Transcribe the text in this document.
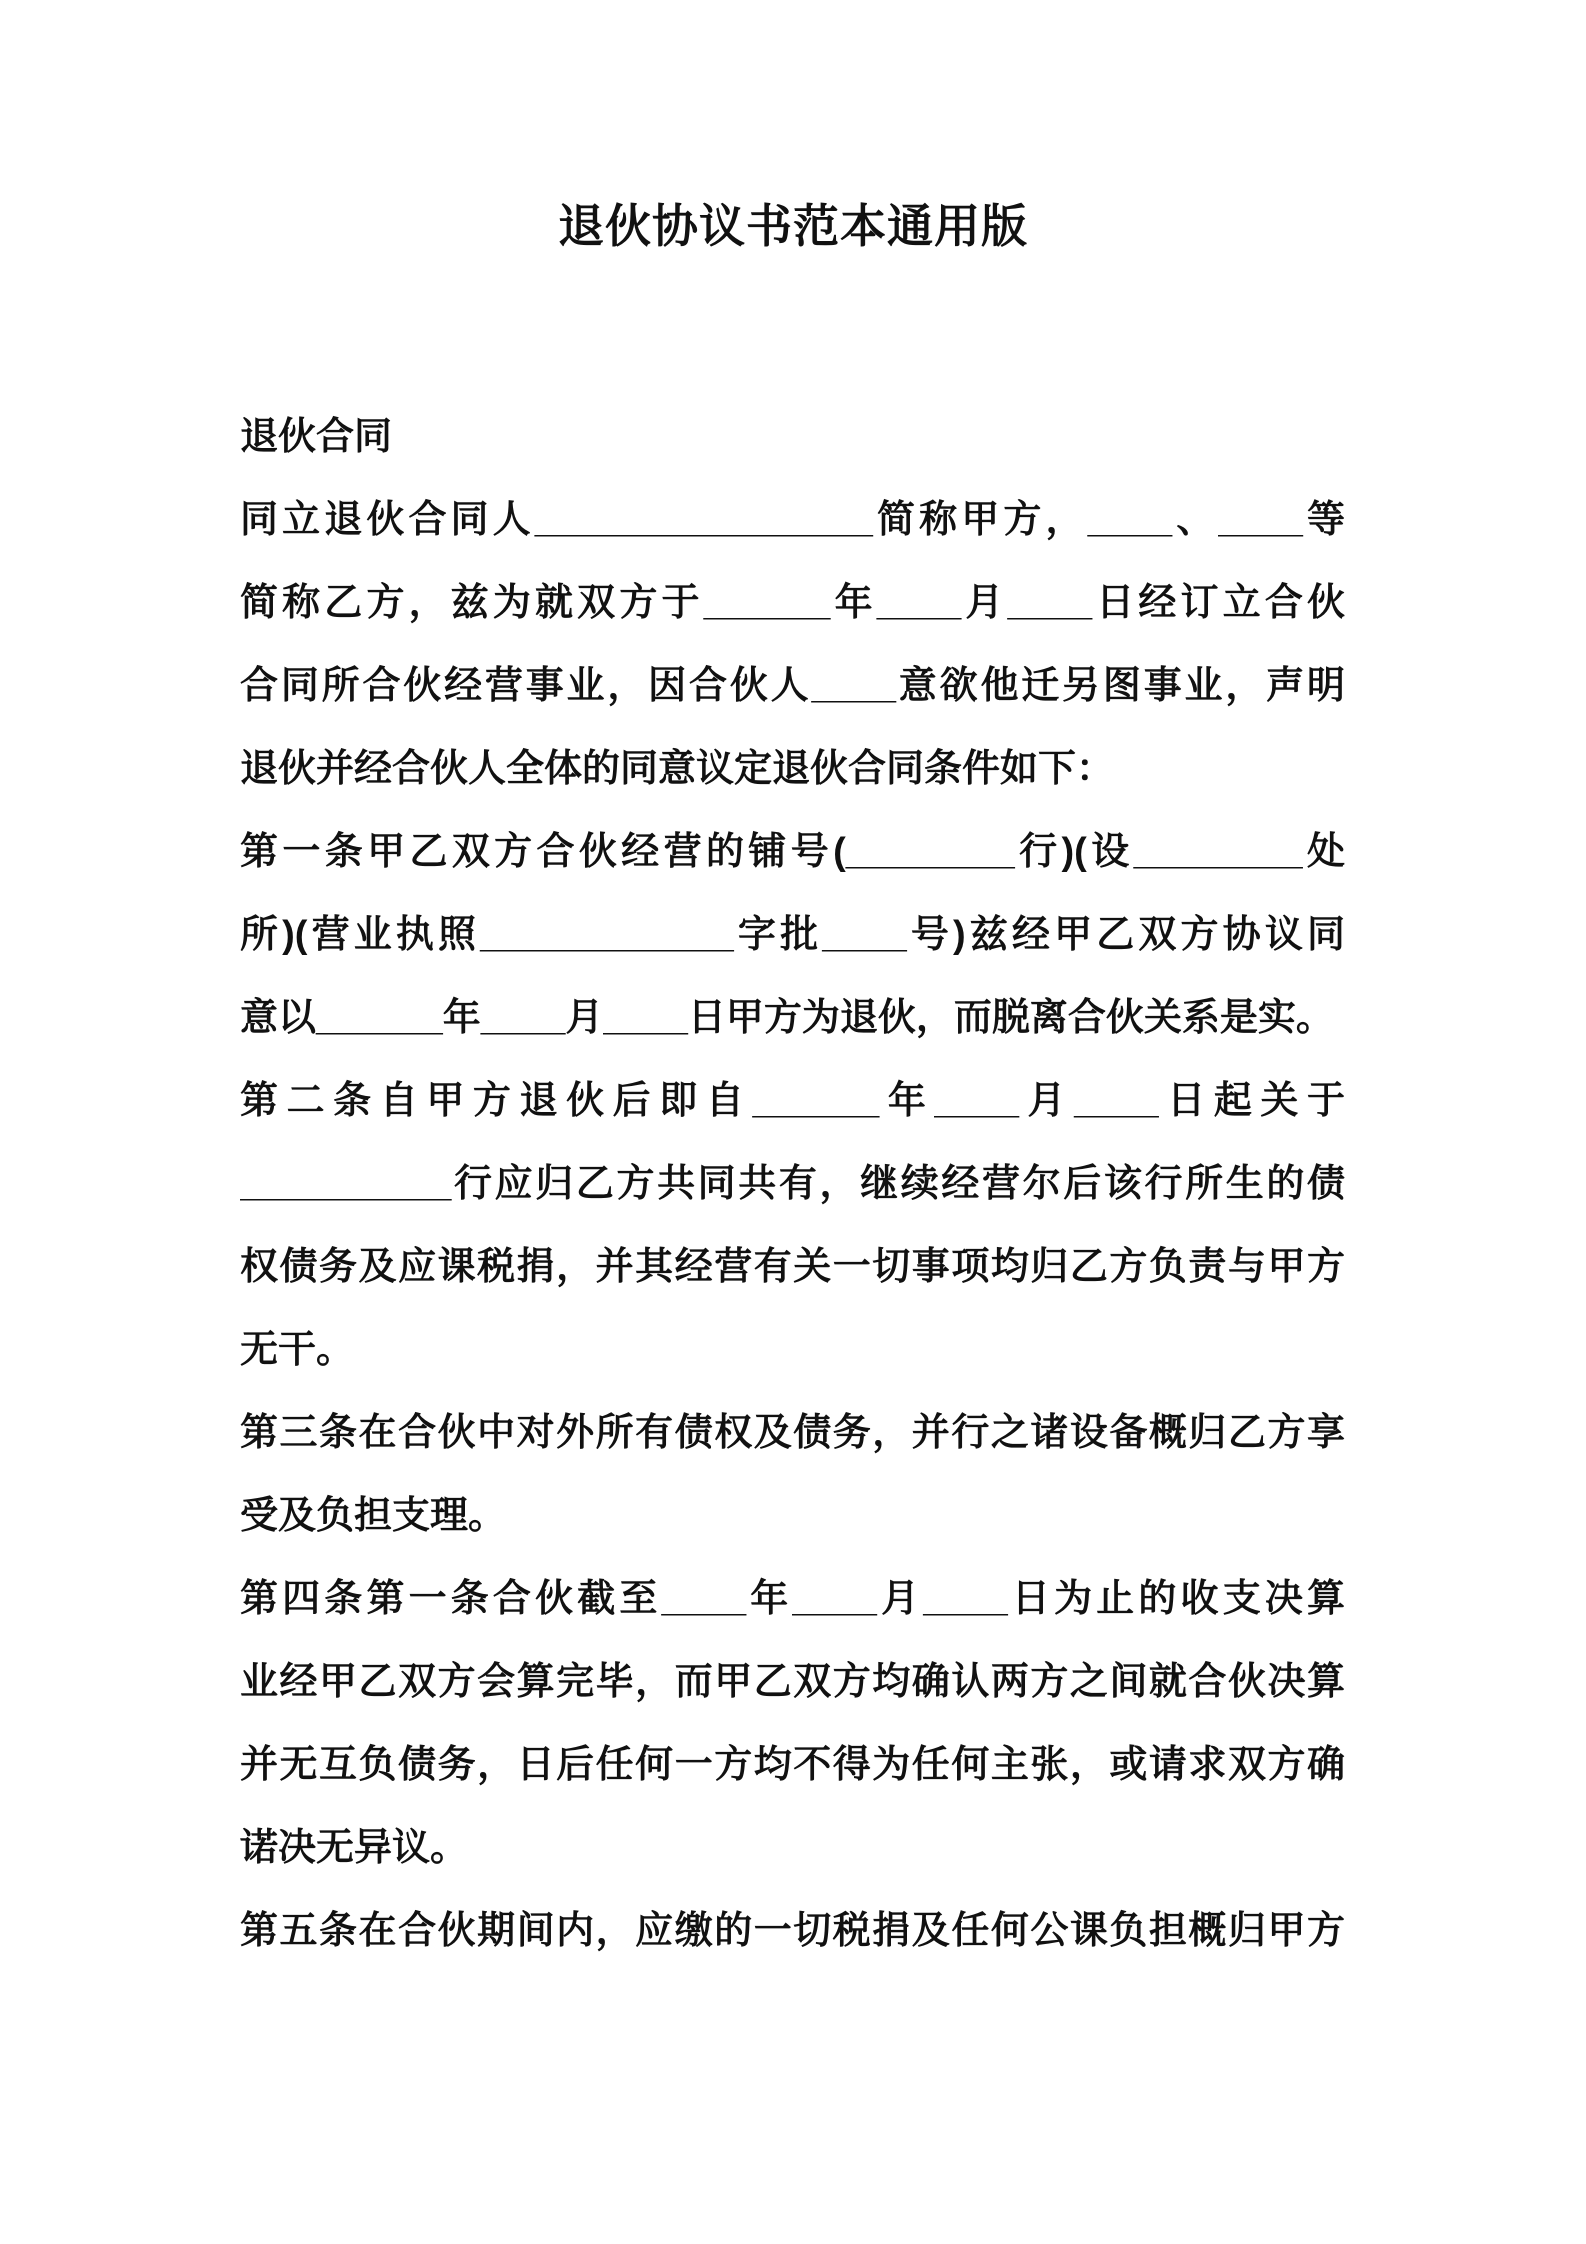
退伙协议书范本通用版
退伙合同
同立退伙合同人________________简称甲方，____、____等
简称乙方，兹为就双方于______年____月____日经订立合伙
合同所合伙经营事业，因合伙人____意欲他迁另图事业，声明
退伙并经合伙人全体的同意议定退伙合同条件如下：
第一条甲乙双方合伙经营的铺号(________行)(设________处
所)(营业执照____________字批____号)兹经甲乙双方协议同
意以______年____月____日甲方为退伙，而脱离合伙关系是实。
第二条自甲方退伙后即自______年____月____日起关于
__________行应归乙方共同共有，继续经营尔后该行所生的债
权债务及应课税捐，并其经营有关一切事项均归乙方负责与甲方
无干。
第三条在合伙中对外所有债权及债务，并行之诸设备概归乙方享
受及负担支理。
第四条第一条合伙截至____年____月____日为止的收支决算
业经甲乙双方会算完毕，而甲乙双方均确认两方之间就合伙决算
并无互负债务，日后任何一方均不得为任何主张，或请求双方确
诺决无异议。
第五条在合伙期间内，应缴的一切税捐及任何公课负担概归甲方
